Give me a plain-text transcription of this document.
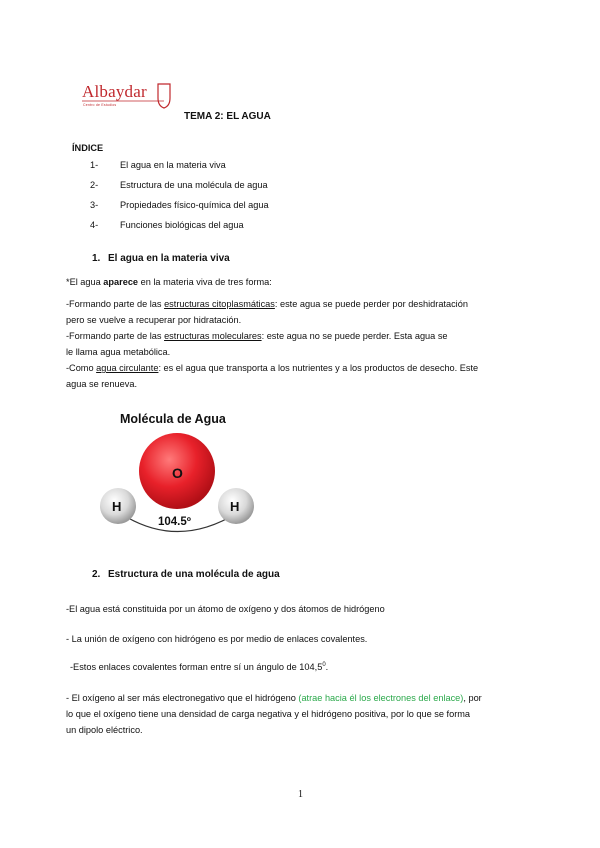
Albaydar
Centro de Estudios
TEMA 2: EL AGUA
ÍNDICE
1- El agua en la materia viva
2- Estructura de una molécula de agua
3- Propiedades físico-química del agua
4- Funciones biológicas del agua
1. El agua en la materia viva
*El agua aparece en la materia viva de tres forma:
-Formando parte de las estructuras citoplasmáticas: este agua se puede perder por deshidratación
pero se vuelve a recuperar por hidratación.
-Formando parte de las estructuras moleculares: este agua no se puede perder. Esta agua se
le llama agua metabólica.
-Como agua circulante: es el agua que transporta a los nutrientes y a los productos de desecho. Este
agua se renueva.
Molécula de Agua
O
H	H
104.5º
2. Estructura de una molécula de agua
-El agua está constituida por un átomo de oxígeno y dos átomos de hidrógeno
- La unión de oxígeno con hidrógeno es por medio de enlaces covalentes.
-Estos enlaces covalentes forman entre sí un ángulo de 104,5$^0$.
- El oxígeno al ser más electronegativo que el hidrógeno (atrae hacia él los electrones del enlace), por
lo que el oxígeno tiene una densidad de carga negativa y el hidrógeno positiva, por lo que se forma
un dipolo eléctrico.
1
